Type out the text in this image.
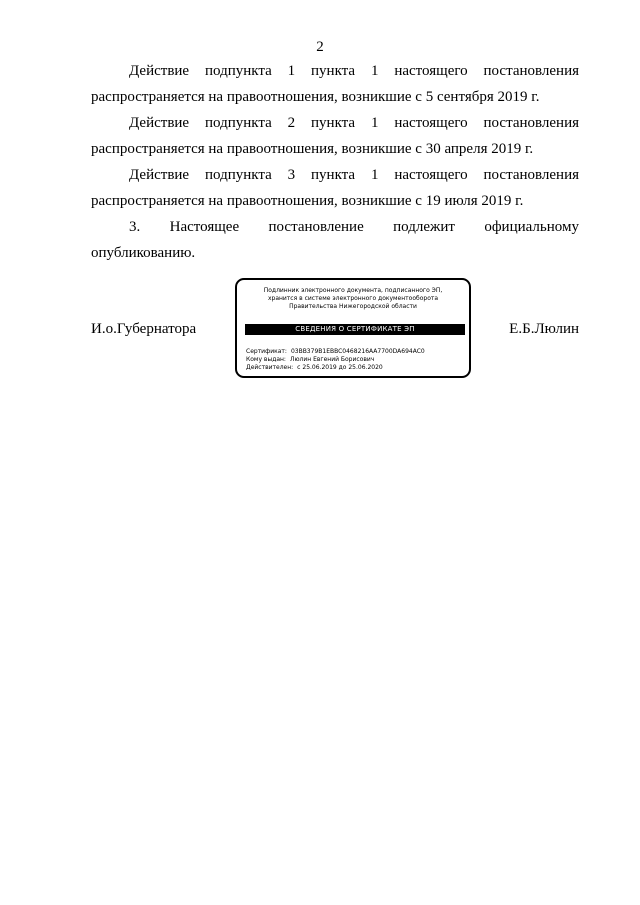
2

Действие подпункта 1 пункта 1 настоящего постановления распространяется на правоотношения, возникшие с 5 сентября 2019 г.

Действие подпункта 2 пункта 1 настоящего постановления распространяется на правоотношения, возникшие с 30 апреля 2019 г.

Действие подпункта 3 пункта 1 настоящего постановления распространяется на правоотношения, возникшие с 19 июля 2019 г.

3. Настоящее постановление подлежит официальному опубликованию.

И.о.Губернатора	Е.Б.Люлин
Подлинник электронного документа, подписанного ЭП,
хранится в системе электронного документооборота
Правительства Нижегородской области
СВЕДЕНИЯ О СЕРТИФИКАТЕ ЭП
Сертификат: 03BB379B1EBBC0468216AA7700DA694AC0
Кому выдан: Люлин Евгений Борисович
Действителен: с 25.06.2019 до 25.06.2020
